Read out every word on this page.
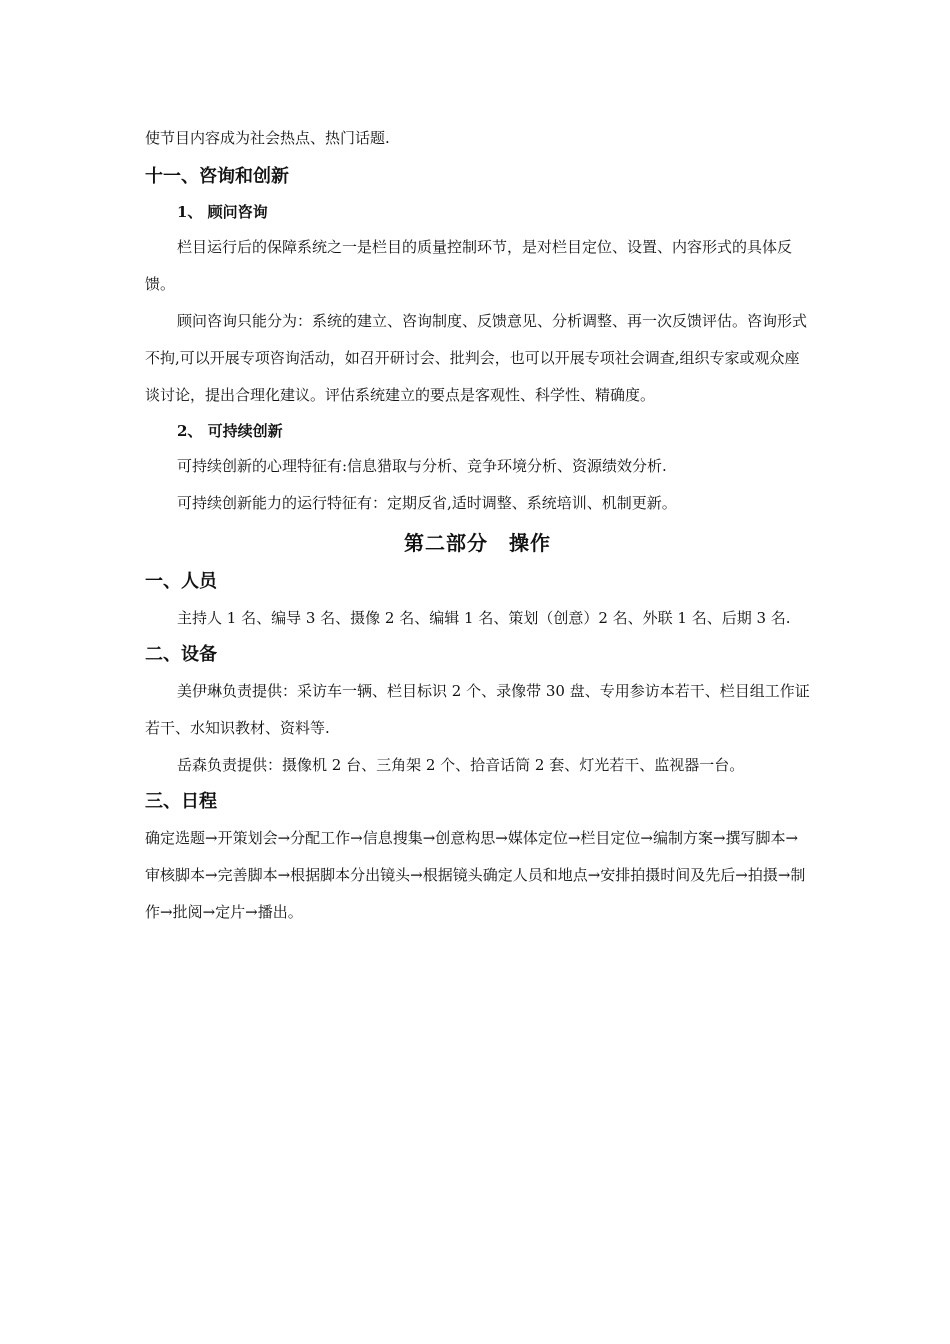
使节目内容成为社会热点、热门话题.

十一、咨询和创新

1、 顾问咨询

栏目运行后的保障系统之一是栏目的质量控制环节，是对栏目定位、设置、内容形式的具体反馈。

顾问咨询只能分为：系统的建立、咨询制度、反馈意见、分析调整、再一次反馈评估。咨询形式不拘,可以开展专项咨询活动，如召开研讨会、批判会，也可以开展专项社会调查,组织专家或观众座谈讨论，提出合理化建议。评估系统建立的要点是客观性、科学性、精确度。

2、 可持续创新

可持续创新的心理特征有:信息猎取与分析、竞争环境分析、资源绩效分析.

可持续创新能力的运行特征有：定期反省,适时调整、系统培训、机制更新。

第二部分　操作

一、人员

主持人 1 名、编导 3 名、摄像 2 名、编辑 1 名、策划（创意）2 名、外联 1 名、后期 3 名.

二、设备

美伊琳负责提供：采访车一辆、栏目标识 2 个、录像带 30 盘、专用参访本若干、栏目组工作证若干、水知识教材、资料等.

岳森负责提供：摄像机 2 台、三角架 2 个、拾音话筒 2 套、灯光若干、监视器一台。

三、日程

确定选题→开策划会→分配工作→信息搜集→创意构思→媒体定位→栏目定位→编制方案→撰写脚本→审核脚本→完善脚本→根据脚本分出镜头→根据镜头确定人员和地点→安排拍摄时间及先后→拍摄→制作→批阅→定片→播出。
